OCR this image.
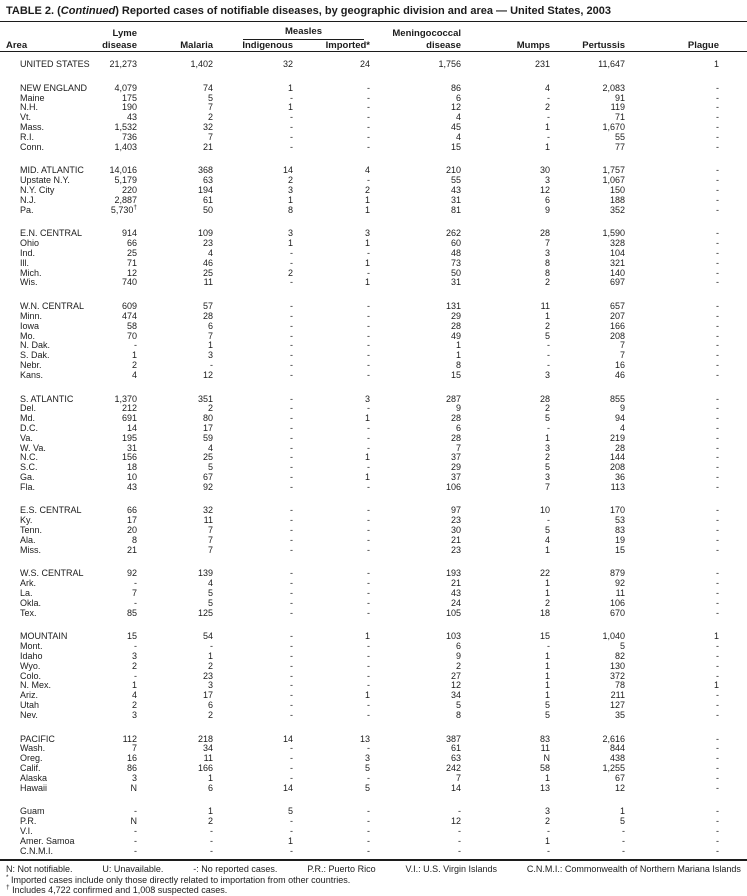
TABLE 2. (Continued) Reported cases of notifiable diseases, by geographic division and area — United States, 2003
	Lyme		Measles		Meningococcal			
Area	disease	Malaria	Indigenous	Imported*	disease	Mumps	Pertussis	Plague

UNITED STATES	21,273	1,402	32	24	1,756	231	11,647	1
NEW ENGLAND	4,079	74	1	-	86	4	2,083	-
Maine	175	5	-	-	6	-	91	-
N.H.	190	7	1	-	12	2	119	-
Vt.	43	2	-	-	4	-	71	-
Mass.	1,532	32	-	-	45	1	1,670	-
R.I.	736	7	-	-	4	-	55	-
Conn.	1,403	21	-	-	15	1	77	-
MID. ATLANTIC	14,016	368	14	4	210	30	1,757	-
Upstate N.Y.	5,179	63	2	-	55	3	1,067	-
N.Y. City	220	194	3	2	43	12	150	-
N.J.	2,887	61	1	1	31	6	188	-
Pa.	5,730†	50	8	1	81	9	352	-
E.N. CENTRAL	914	109	3	3	262	28	1,590	-
Ohio	66	23	1	1	60	7	328	-
Ind.	25	4	-	-	48	3	104	-
Ill.	71	46	-	1	73	8	321	-
Mich.	12	25	2	-	50	8	140	-
Wis.	740	11	-	1	31	2	697	-
W.N. CENTRAL	609	57	-	-	131	11	657	-
Minn.	474	28	-	-	29	1	207	-
Iowa	58	6	-	-	28	2	166	-
Mo.	70	7	-	-	49	5	208	-
N. Dak.	-	1	-	-	1	-	7	-
S. Dak.	1	3	-	-	1	-	7	-
Nebr.	2	-	-	-	8	-	16	-
Kans.	4	12	-	-	15	3	46	-
S. ATLANTIC	1,370	351	-	3	287	28	855	-
Del.	212	2	-	-	9	2	9	-
Md.	691	80	-	1	28	5	94	-
D.C.	14	17	-	-	6	-	4	-
Va.	195	59	-	-	28	1	219	-
W. Va.	31	4	-	-	7	3	28	-
N.C.	156	25	-	1	37	2	144	-
S.C.	18	5	-	-	29	5	208	-
Ga.	10	67	-	1	37	3	36	-
Fla.	43	92	-	-	106	7	113	-
E.S. CENTRAL	66	32	-	-	97	10	170	-
Ky.	17	11	-	-	23	-	53	-
Tenn.	20	7	-	-	30	5	83	-
Ala.	8	7	-	-	21	4	19	-
Miss.	21	7	-	-	23	1	15	-
W.S. CENTRAL	92	139	-	-	193	22	879	-
Ark.	-	4	-	-	21	1	92	-
La.	7	5	-	-	43	1	11	-
Okla.	-	5	-	-	24	2	106	-
Tex.	85	125	-	-	105	18	670	-
MOUNTAIN	15	54	-	1	103	15	1,040	1
Mont.	-	-	-	-	6	-	5	-
Idaho	3	1	-	-	9	1	82	-
Wyo.	2	2	-	-	2	1	130	-
Colo.	-	23	-	-	27	1	372	-
N. Mex.	1	3	-	-	12	1	78	1
Ariz.	4	17	-	1	34	1	211	-
Utah	2	6	-	-	5	5	127	-
Nev.	3	2	-	-	8	5	35	-
PACIFIC	112	218	14	13	387	83	2,616	-
Wash.	7	34	-	-	61	11	844	-
Oreg.	16	11	-	3	63	N	438	-
Calif.	86	166	-	5	242	58	1,255	-
Alaska	3	1	-	-	7	1	67	-
Hawaii	N	6	14	5	14	13	12	-
Guam	-	1	5	-	-	3	1	-
P.R.	N	2	-	-	12	2	5	-
V.I.	-	-	-	-	-	-	-	-
Amer. Samoa	-	-	1	-	-	1	-	-
C.N.M.I.	-	-	-	-	-	-	-	-
N: Not notifiable.	U: Unavailable.	-: No reported cases.	P.R.: Puerto Rico	V.I.: U.S. Virgin Islands	C.N.M.I.: Commonwealth of Northern Mariana Islands
* Imported cases include only those directly related to importation from other countries.
† Includes 4,722 confirmed and 1,008 suspected cases.
